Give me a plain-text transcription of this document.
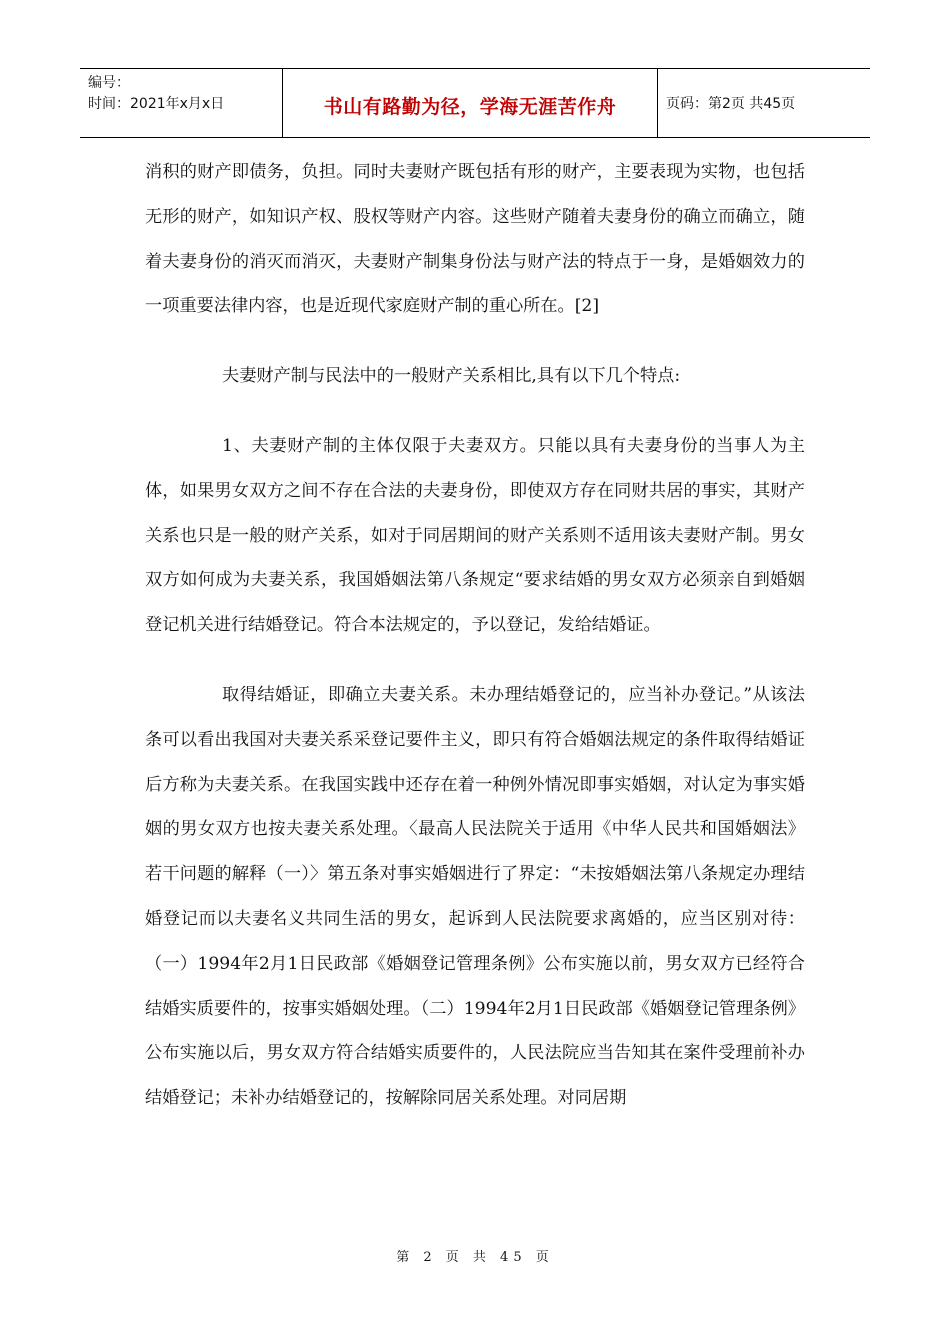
编号：
时间：2021年x月x日	书山有路勤为径，学海无涯苦作舟	页码：第2页 共45页

消积的财产即债务，负担。同时夫妻财产既包括有形的财产，主要表现为实物，也包括无形的财产，如知识产权、股权等财产内容。这些财产随着夫妻身份的确立而确立，随着夫妻身份的消灭而消灭，夫妻财产制集身份法与财产法的特点于一身，是婚姻效力的一项重要法律内容，也是近现代家庭财产制的重心所在。[2]

夫妻财产制与民法中的一般财产关系相比,具有以下几个特点:

1、夫妻财产制的主体仅限于夫妻双方。只能以具有夫妻身份的当事人为主体，如果男女双方之间不存在合法的夫妻身份，即使双方存在同财共居的事实，其财产关系也只是一般的财产关系，如对于同居期间的财产关系则不适用该夫妻财产制。男女双方如何成为夫妻关系，我国婚姻法第八条规定“要求结婚的男女双方必须亲自到婚姻登记机关进行结婚登记。符合本法规定的，予以登记，发给结婚证。

取得结婚证，即确立夫妻关系。未办理结婚登记的，应当补办登记。”从该法条可以看出我国对夫妻关系采登记要件主义，即只有符合婚姻法规定的条件取得结婚证后方称为夫妻关系。在我国实践中还存在着一种例外情况即事实婚姻，对认定为事实婚姻的男女双方也按夫妻关系处理。〈最高人民法院关于适用《中华人民共和国婚姻法》若干问题的解释（一）〉第五条对事实婚姻进行了界定：“未按婚姻法第八条规定办理结婚登记而以夫妻名义共同生活的男女，起诉到人民法院要求离婚的，应当区别对待：（一）1994年2月1日民政部《婚姻登记管理条例》公布实施以前，男女双方已经符合结婚实质要件的，按事实婚姻处理。（二）1994年2月1日民政部《婚姻登记管理条例》公布实施以后，男女双方符合结婚实质要件的，人民法院应当告知其在案件受理前补办结婚登记；未补办结婚登记的，按解除同居关系处理。对同居期

第 2 页 共 45 页
